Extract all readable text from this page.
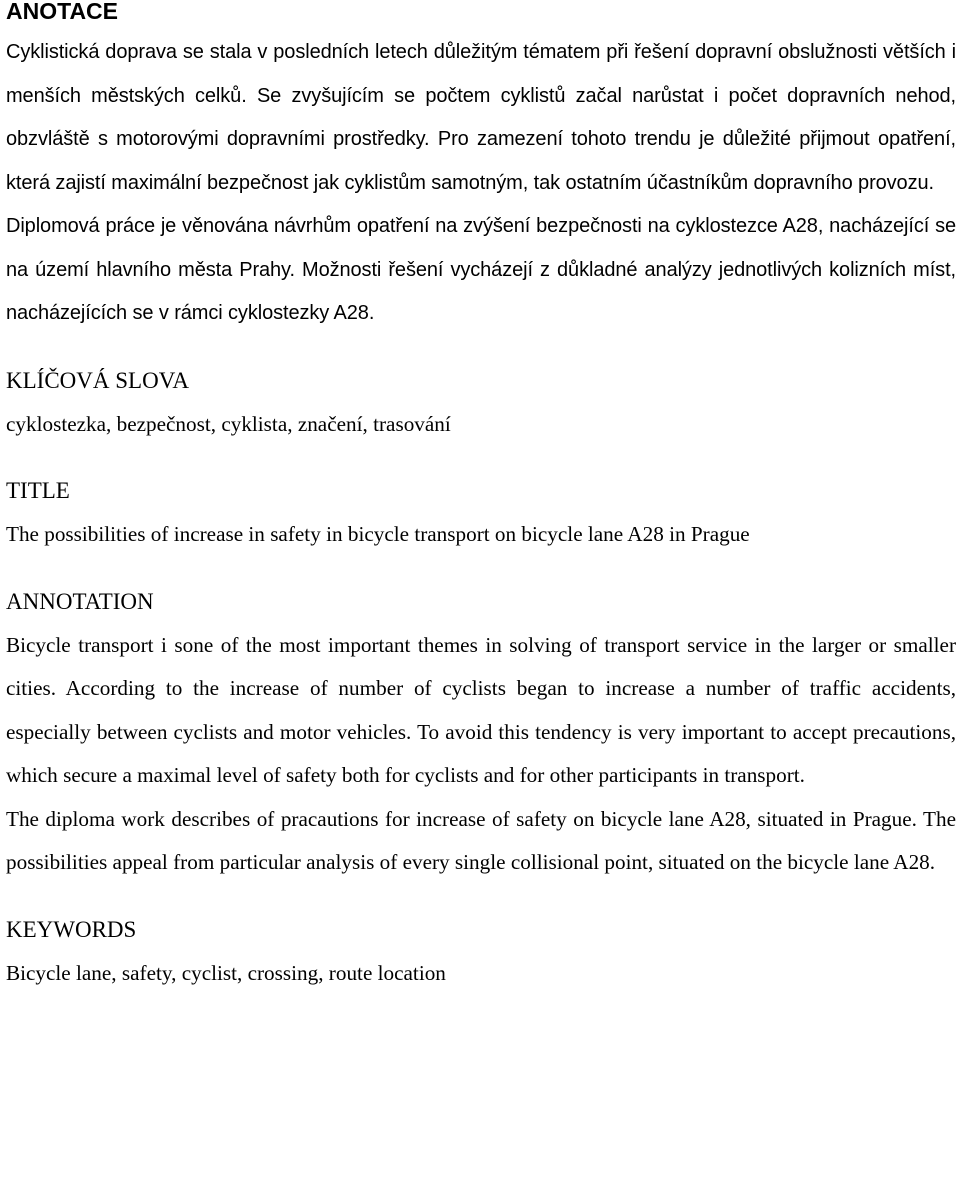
ANOTACE

Cyklistická doprava se stala v posledních letech důležitým tématem při řešení dopravní obslužnosti větších i menších městských celků. Se zvyšujícím se počtem cyklistů začal narůstat i počet dopravních nehod, obzvláště s motorovými dopravními prostředky. Pro zamezení tohoto trendu je důležité přijmout opatření, která zajistí maximální bezpečnost jak cyklistům samotným, tak ostatním účastníkům dopravního provozu.

Diplomová práce je věnována návrhům opatření na zvýšení bezpečnosti na cyklostezce A28, nacházející se na území hlavního města Prahy. Možnosti řešení vycházejí z důkladné analýzy jednotlivých kolizních míst, nacházejících se v rámci cyklostezky A28.

KLÍČOVÁ SLOVA

cyklostezka, bezpečnost, cyklista, značení, trasování

TITLE

The possibilities of increase in safety in bicycle transport on bicycle lane A28 in Prague

ANNOTATION

Bicycle transport i sone of the most important themes in solving of transport service in the larger or smaller cities. According to the increase of number of cyclists began to increase a number of traffic accidents, especially between cyclists and motor vehicles. To avoid this tendency is very important to accept precautions, which secure a maximal level of safety both for cyclists and for other participants in transport.

The diploma work describes of pracautions for increase of safety on bicycle lane A28, situated in Prague. The possibilities appeal from particular analysis of every single collisional point, situated on the bicycle lane A28.

KEYWORDS

Bicycle lane, safety, cyclist, crossing, route location
